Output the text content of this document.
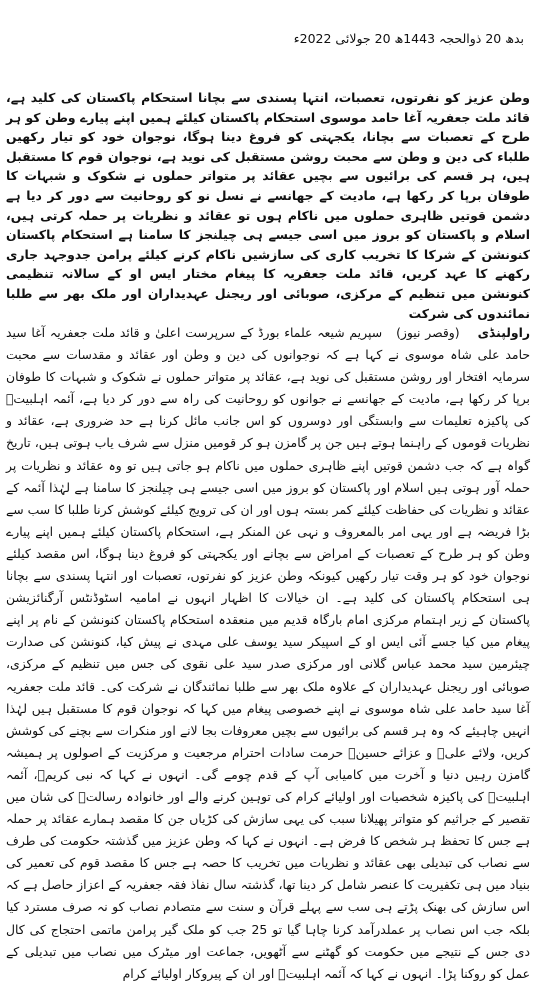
بدھ 20 ذوالحجہ 1443ھ 20 جولائی 2022ء

وطن عزیز کو نفرتوں، تعصبات، انتہا پسندی سے بچانا استحکام پاکستان کی کلید ہے، قائد ملت جعفریہ آغا حامد موسوی استحکام پاکستان کیلئے ہمیں اپنے پیارے وطن کو ہر طرح کے تعصبات سے بچانا، یکجہتی کو فروغ دینا ہوگا، نوجوان خود کو تیار رکھیں طلباء کی دین و وطن سے محبت روشن مستقبل کی نوید ہے، نوجوان قوم کا مستقبل ہیں، ہر قسم کی برائیوں سے بچیں عقائد پر متواتر حملوں نے شکوک و شبہات کا طوفان برپا کر رکھا ہے، مادیت کے جھانسے نے نسل نو کو روحانیت سے دور کر دیا ہے دشمن قوتیں ظاہری حملوں میں ناکام ہوں تو عقائد و نظریات پر حملہ کرتی ہیں، اسلام و پاکستان کو بروز میں اسی جیسے ہی چیلنجز کا سامنا ہے استحکام پاکستان کنونشن کے شرکا کا تخریب کاری کی سازشیں ناکام کرنے کیلئے پرامن جدوجہد جاری رکھنے کا عہد کریں، قائد ملت جعفریہ کا پیغام مختار ایس او کے سالانہ تنظیمی کنونشن میں تنظیم کے مرکزی، صوبائی اور ریجنل عہدیداران اور ملک بھر سے طلبا نمائندوں کی شرکت

راولپنڈی(وقصر نیوز)سپریم شیعہ علماء بورڈ کے سرپرست اعلیٰ و قائد ملت جعفریہ آغا سید حامد علی شاہ موسوی نے کہا ہے کہ نوجوانوں کی دین و وطن اور عقائد و مقدسات سے محبت سرمایہ افتخار اور روشن مستقبل کی نوید ہے، عقائد پر متواتر حملوں نے شکوک و شبہات کا طوفان برپا کر رکھا ہے، مادیت کے جھانسے نے جوانوں کو روحانیت کی راہ سے دور کر دیا ہے، آئمہ اہلبیتؑ کی پاکیزہ تعلیمات سے وابستگی اور دوسروں کو اس جانب مائل کرنا ہے حد ضروری ہے، عقائد و نظریات قوموں کے راہنما ہوتے ہیں جن پر گامزن ہو کر قومیں منزل سے شرف یاب ہوتی ہیں، تاریخ گواہ ہے کہ جب دشمن قوتیں اپنے ظاہری حملوں میں ناکام ہو جاتی ہیں تو وہ عقائد و نظریات پر حملہ آور ہوتی ہیں اسلام اور پاکستان کو بروز میں اسی جیسے ہی چیلنجز کا سامنا ہے لہٰذا آئمہ کے عقائد و نظریات کی حفاظت کیلئے کمر بستہ ہوں اور ان کی ترویج کیلئے کوشش کرنا طلبا کا سب سے بڑا فریضہ ہے اور یہی امر بالمعروف و نہی عن المنکر ہے، استحکام پاکستان کیلئے ہمیں اپنے پیارے وطن کو ہر طرح کے تعصبات کے امراض سے بچانے اور یکجہتی کو فروغ دینا ہوگا، اس مقصد کیلئے نوجوان خود کو ہر وقت تیار رکھیں کیونکہ وطن عزیز کو نفرتوں، تعصبات اور انتہا پسندی سے بچانا ہی استحکام پاکستان کی کلید ہے۔ ان خیالات کا اظہار انہوں نے امامیہ اسٹوڈنٹس آرگنائزیشن پاکستان کے زیر اہتمام مرکزی امام بارگاہ قدیم میں منعقدہ استحکام پاکستان کنونشن کے نام پر اپنے پیغام میں کیا جسے آئی ایس او کے اسپیکر سید یوسف علی مہدی نے پیش کیا، کنونشن کی صدارت چیئرمین سید محمد عباس گلانی اور مرکزی صدر سید علی نقوی کی جس میں تنظیم کے مرکزی، صوبائی اور ریجنل عہدیداران کے علاوہ ملک بھر سے طلبا نمائندگان نے شرکت کی۔ قائد ملت جعفریہ آغا سید حامد علی شاہ موسوی نے اپنے خصوصی پیغام میں کہا کہ نوجوان قوم کا مستقبل ہیں لہٰذا انہیں چاہیئے کہ وہ ہر قسم کی برائیوں سے بچیں معروفات بجا لانے اور منکرات سے بچنے کی کوشش کریں، ولائے علیؑ و عزائے حسینؑ حرمت سادات احترام مرجعیت و مرکزیت کے اصولوں پر ہمیشہ گامزن رہیں دنیا و آخرت میں کامیابی آپ کے قدم چومے گی۔ انہوں نے کہا کہ نبی کریمؐ، آئمہ اہلبیتؑ کی پاکیزہ شخصیات اور اولیائے کرام کی توہین کرنے والے اور خانوادہ رسالتؐ کی شان میں تقصیر کے جراثیم کو متواتر پھیلانا سبب کی یہی سازش کی کڑیاں جن کا مقصد ہمارے عقائد پر حملہ ہے جس کا تحفظ ہر شخص کا فرض ہے۔ انہوں نے کہا کہ وطن عزیز میں گذشتہ حکومت کی طرف سے نصاب کی تبدیلی بھی عقائد و نظریات میں تخریب کا حصہ ہے جس کا مقصد قوم کی تعمیر کی بنیاد میں ہی تکفیریت کا عنصر شامل کر دینا تھا، گذشتہ سال نفاذ فقہ جعفریہ کے اعزاز حاصل ہے کہ اس سازش کی بھنک پڑتے ہی سب سے پہلے قرآن و سنت سے متصادم نصاب کو نہ صرف مسترد کیا بلکہ جب اس نصاب پر عملدرآمد کرنا چاہا گیا تو 25 جب کو ملک گیر پرامن ماتمی احتجاج کی کال دی جس کے نتیجے میں حکومت کو گھٹنے سے آٹھویں، جماعت اور میٹرک میں نصاب میں تبدیلی کے عمل کو روکنا پڑا۔ انہوں نے کہا کہ آئمہ اہلبیتؑ اور ان کے پیروکار اولیائے کرام
